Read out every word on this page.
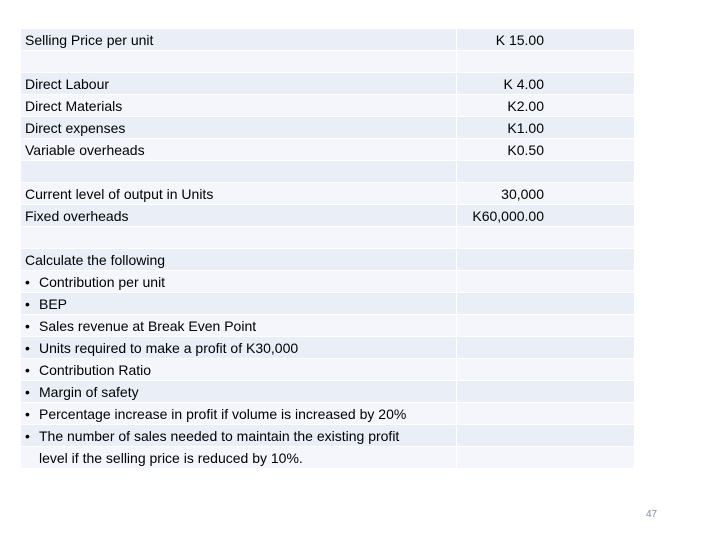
Selling Price per unit	K 15.00

Direct Labour	K 4.00
Direct Materials	K2.00
Direct expenses	K1.00
Variable overheads	K0.50

Current level of output in Units	30,000
Fixed overheads	K60,000.00

Calculate the following	
• Contribution per unit	
• BEP	
• Sales revenue at Break Even Point	
• Units required to make a profit of K30,000	
• Contribution Ratio	
• Margin of safety	
• Percentage increase in profit if volume is increased by 20%	
• The number of sales needed to maintain the existing profit	
level if the selling price is reduced by 10%.	
47
